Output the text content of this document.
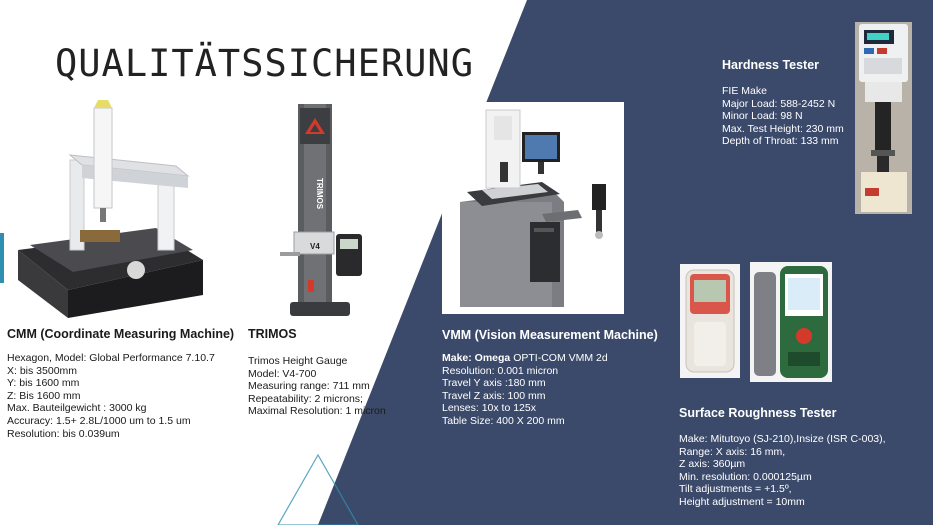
QUALITÄTSSICHERUNG
TRIMOS
V4
CMM (Coordinate Measuring Machine)
Hexagon, Model: Global Performance 7.10.7
X: bis 3500mm
Y: bis 1600 mm
Z: Bis 1600 mm
Max. Bauteilgewicht : 3000 kg
Accuracy: 1.5+ 2.8L/1000 um to 1.5 um
Resolution: bis 0.039um
TRIMOS
Trimos Height Gauge
Model: V4-700
Measuring range: 711 mm
Repeatability: 2 microns;
Maximal Resolution: 1 micron
VMM (Vision Measurement Machine)
Make: Omega OPTI-COM VMM 2d
Resolution: 0.001 micron
Travel Y axis :180 mm
Travel Z axis: 100 mm
Lenses: 10x to 125x
Table Size: 400 X 200 mm
Hardness Tester
FIE Make
Major Load: 588-2452 N
Minor Load: 98 N
Max. Test Height: 230 mm
Depth of Throat: 133 mm
Surface Roughness Tester
Make: Mitutoyo (SJ-210),Insize (ISR C-003),
Range: X axis: 16 mm,
Z axis: 360µm
Min. resolution: 0.000125µm
Tilt adjustments = +1.5º,
Height adjustment = 10mm
